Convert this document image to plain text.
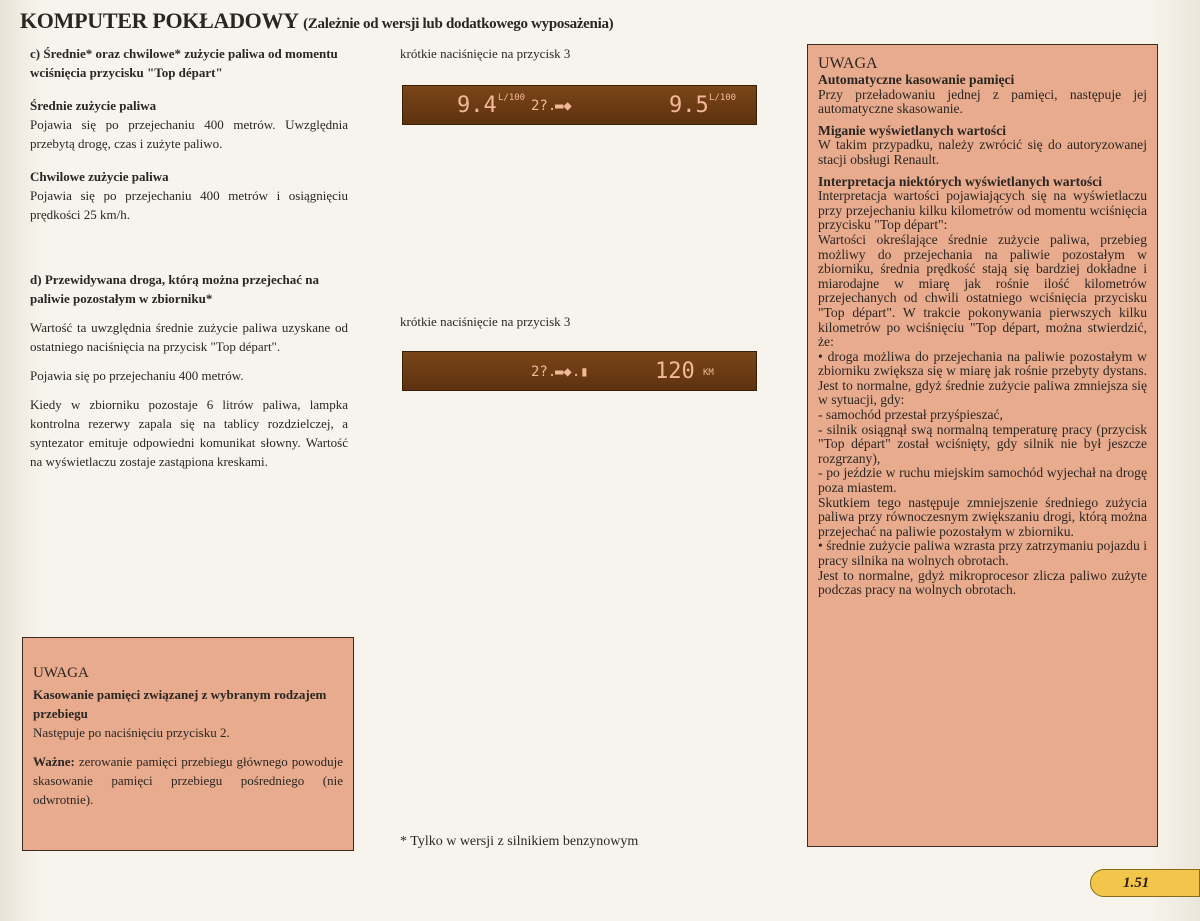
KOMPUTER POKŁADOWY (Zależnie od wersji lub dodatkowego wyposażenia)

c) Średnie* oraz chwilowe* zużycie paliwa od momentu wciśnięcia przycisku "Top départ"

Średnie zużycie paliwa

Pojawia się po przejechaniu 400 metrów. Uwzględnia przebytą drogę, czas i zużyte paliwo.

Chwilowe zużycie paliwa

Pojawia się po przejechaniu 400 metrów i osiągnięciu prędkości 25 km/h.

d) Przewidywana droga, którą można przejechać na paliwie pozostałym w zbiorniku*

Wartość ta uwzględnia średnie zużycie paliwa uzyskane od ostatniego naciśnięcia na przycisk "Top départ".

Pojawia się po przejechaniu 400 metrów.

Kiedy w zbiorniku pozostaje 6 litrów paliwa, lampka kontrolna rezerwy zapala się na tablicy rozdzielczej, a syntezator emituje odpowiedni komunikat słowny. Wartość na wyświetlaczu zostaje zastąpiona kreskami.

UWAGA

Kasowanie pamięci związanej z wybranym rodzajem przebiegu

Następuje po naciśnięciu przycisku 2.

Ważne: zerowanie pamięci przebiegu głównego powoduje skasowanie pamięci przebiegu pośredniego (nie odwrotnie).

krótkie naciśnięcie na przycisk 3

9.4 L/100 2?.
▬◆	9.5 L/100

krótkie naciśnięcie na przycisk 3

2?.
▬◆.▮	120 KM
* Tylko w wersji z silnikiem benzynowym
UWAGA

Automatyczne kasowanie pamięci

Przy przeładowaniu jednej z pamięci, następuje jej automatyczne skasowanie.

Miganie wyświetlanych wartości

W takim przypadku, należy zwrócić się do autoryzowanej stacji obsługi Renault.

Interpretacja niektórych wyświetlanych wartości

Interpretacja wartości pojawiających się na wyświetlaczu przy przejechaniu kilku kilometrów od momentu wciśnięcia przycisku "Top départ":

Wartości określające średnie zużycie paliwa, przebieg możliwy do przejechania na paliwie pozostałym w zbiorniku, średnia prędkość stają się bardziej dokładne i miarodajne w miarę jak rośnie ilość kilometrów przejechanych od chwili ostatniego wciśnięcia przycisku "Top départ". W trakcie pokonywania pierwszych kilku kilometrów po wciśnięciu "Top départ, można stwierdzić, że:

• droga możliwa do przejechania na paliwie pozostałym w zbiorniku zwiększa się w miarę jak rośnie przebyty dystans. Jest to normalne, gdyż średnie zużycie paliwa zmniejsza się w sytuacji, gdy:

- samochód przestał przyśpieszać,

- silnik osiągnął swą normalną temperaturę pracy (przycisk "Top départ" został wciśnięty, gdy silnik nie był jeszcze rozgrzany),

- po jeździe w ruchu miejskim samochód wyjechał na drogę poza miastem.

Skutkiem tego następuje zmniejszenie średniego zużycia paliwa przy równoczesnym zwiększaniu drogi, którą można przejechać na paliwie pozostałym w zbiorniku.

• średnie zużycie paliwa wzrasta przy zatrzymaniu pojazdu i pracy silnika na wolnych obrotach.

Jest to normalne, gdyż mikroprocesor zlicza paliwo zużyte podczas pracy na wolnych obrotach.

1.51
